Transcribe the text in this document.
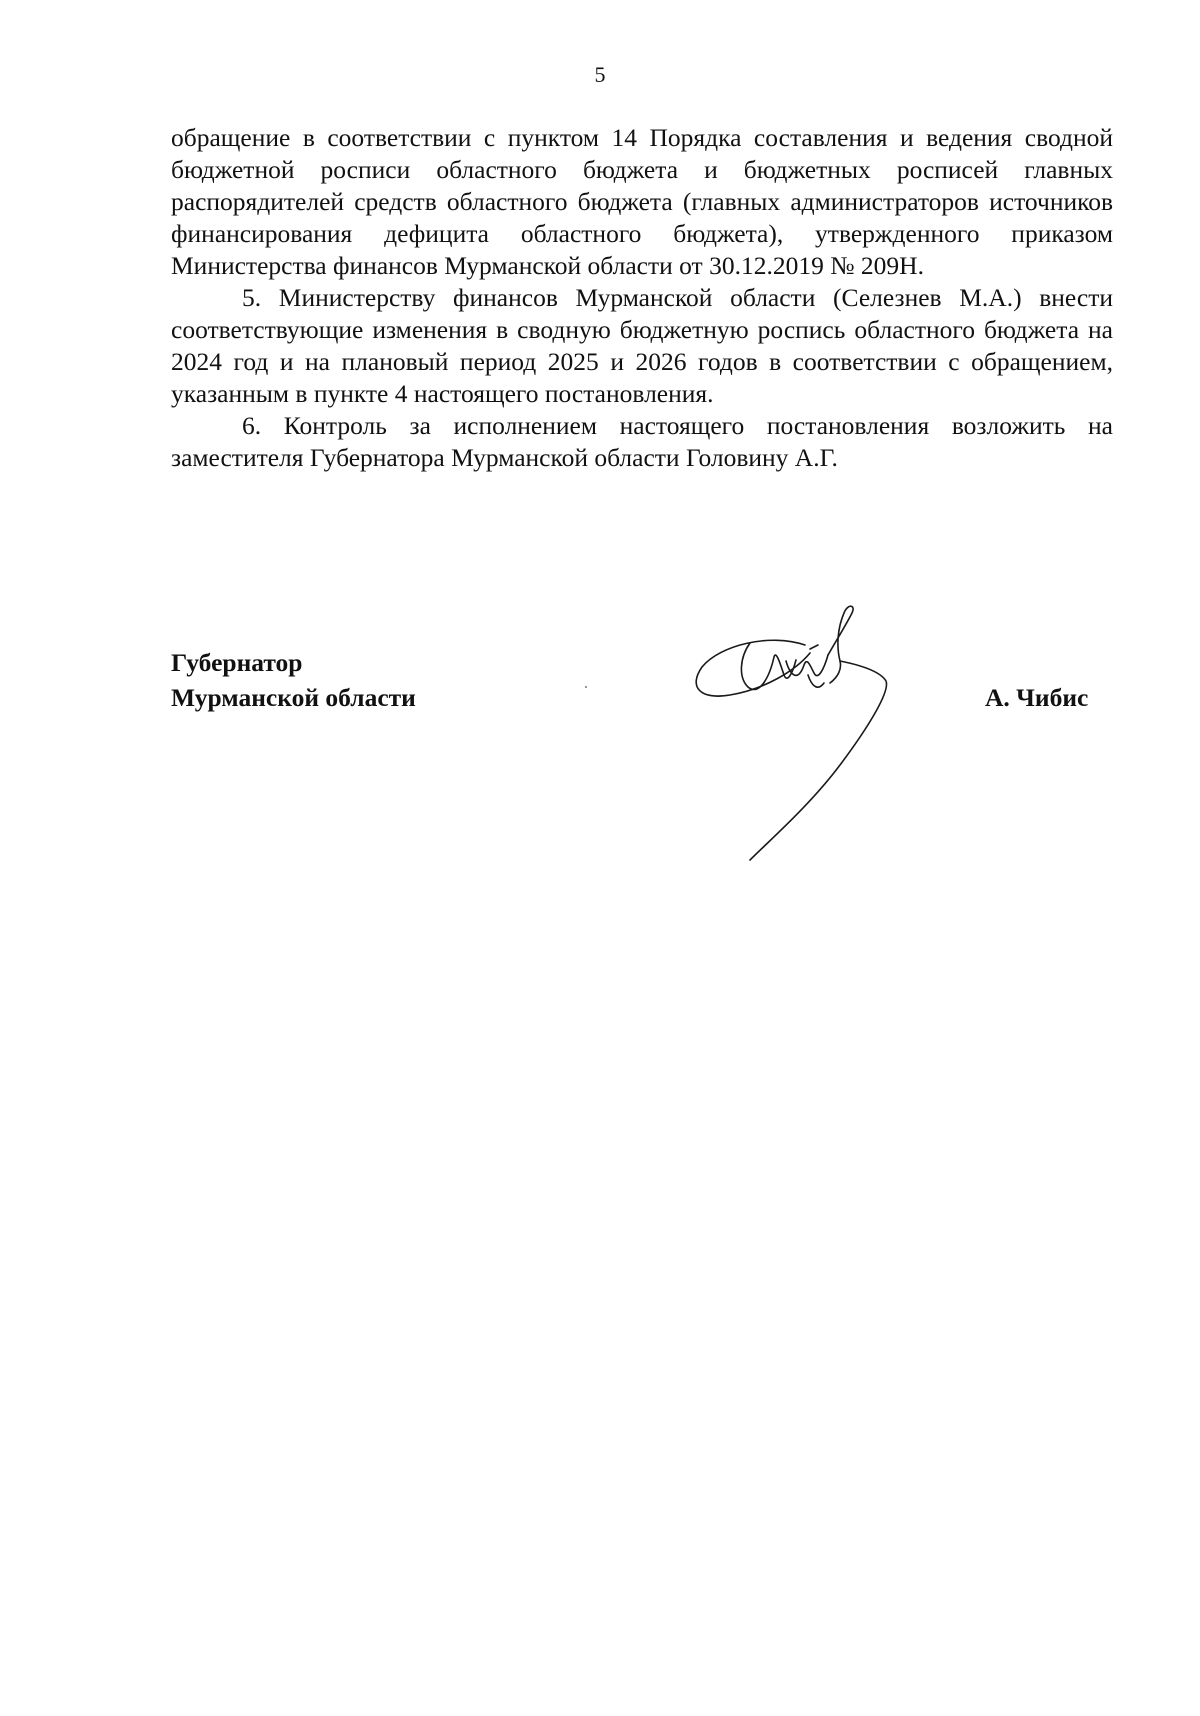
5

обращение в соответствии с пунктом 14 Порядка составления и ведения сводной бюджетной росписи областного бюджета и бюджетных росписей главных распорядителей средств областного бюджета (главных администраторов источников финансирования дефицита областного бюджета), утвержденного приказом Министерства финансов Мурманской области от 30.12.2019 № 209Н.

5. Министерству финансов Мурманской области (Селезнев М.А.) внести соответствующие изменения в сводную бюджетную роспись областного бюджета на 2024 год и на плановый период 2025 и 2026 годов в соответствии с обращением, указанным в пункте 4 настоящего постановления.

6. Контроль за исполнением настоящего постановления возложить на заместителя Губернатора Мурманской области Головину А.Г.

Губернатор
Мурманской области	А. Чибис
